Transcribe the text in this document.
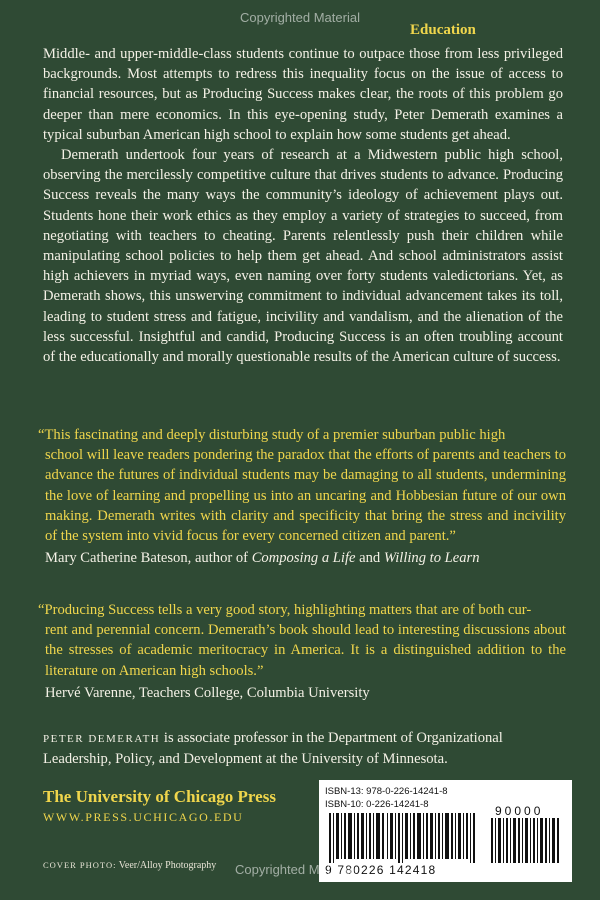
Copyrighted Material
Education

Middle- and upper-middle-class students continue to outpace those from less privileged backgrounds. Most attempts to redress this inequality focus on the issue of access to financial resources, but as Producing Success makes clear, the roots of this problem go deeper than mere economics. In this eye-opening study, Peter Demerath examines a typical suburban American high school to explain how some students get ahead.

Demerath undertook four years of research at a Midwestern public high school, observing the mercilessly competitive culture that drives students to advance. Producing Success reveals the many ways the community’s ideology of achievement plays out. Students hone their work ethics as they employ a variety of strategies to succeed, from negotiating with teachers to cheating. Parents relentlessly push their children while manipulating school policies to help them get ahead. And school administrators assist high achievers in myriad ways, even naming over forty students valedictorians. Yet, as Demerath shows, this unswerving commitment to individual advancement takes its toll, leading to student stress and fatigue, incivility and vandalism, and the alienation of the less successful. Insightful and candid, Producing Success is an often troubling account of the educationally and morally questionable results of the American culture of success.

“This fascinating and deeply disturbing study of a premier suburban public high
school will leave readers pondering the paradox that the efforts of parents and teachers to advance the futures of individual students may be damaging to all students, undermining the love of learning and propelling us into an uncaring and Hobbesian future of our own making. Demerath writes with clarity and specificity that bring the stress and incivility of the system into vivid focus for every concerned citizen and parent.”
Mary Catherine Bateson, author of Composing a Life and Willing to Learn
“Producing Success tells a very good story, highlighting matters that are of both cur-
rent and perennial concern. Demerath’s book should lead to interesting discussions about the stresses of academic meritocracy in America. It is a distinguished addition to the literature on American high schools.”
Hervé Varenne, Teachers College, Columbia University
PETER DEMERATH is associate professor in the Department of Organizational Leadership, Policy, and Development at the University of Minnesota.
The University of Chicago Press
WWW.PRESS.UCHICAGO.EDU
COVER PHOTO: Veer/Alloy Photography
ISBN-13: 978-0-226-14241-8
ISBN-10: 0-226-14241-8	90000
9 780226 142418
Copyrighted Material
